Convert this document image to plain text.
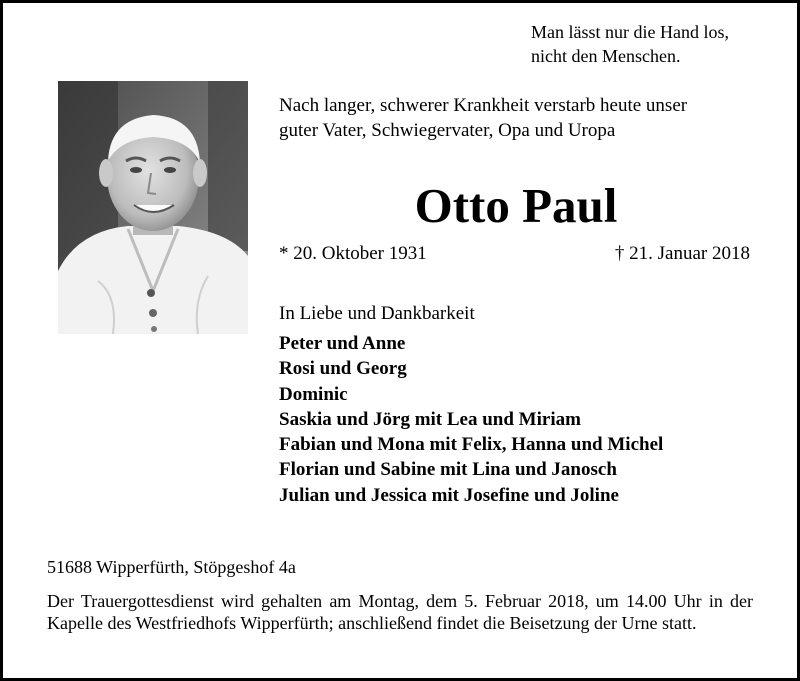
Man lässt nur die Hand los,
nicht den Menschen.
Nach langer, schwerer Krankheit verstarb heute unser
guter Vater, Schwiegervater, Opa und Uropa
Otto Paul
* 20. Oktober 1931	† 21. Januar 2018
In Liebe und Dankbarkeit
Peter und Anne
Rosi und Georg
Dominic
Saskia und Jörg mit Lea und Miriam
Fabian und Mona mit Felix, Hanna und Michel
Florian und Sabine mit Lina und Janosch
Julian und Jessica mit Josefine und Joline
51688 Wipperfürth, Stöpgeshof 4a
Der Trauergottesdienst wird gehalten am Montag, dem 5. Februar 2018, um 14.00 Uhr in der Kapelle des Westfriedhofs Wipperfürth; anschließend findet die Beisetzung der Urne statt.
